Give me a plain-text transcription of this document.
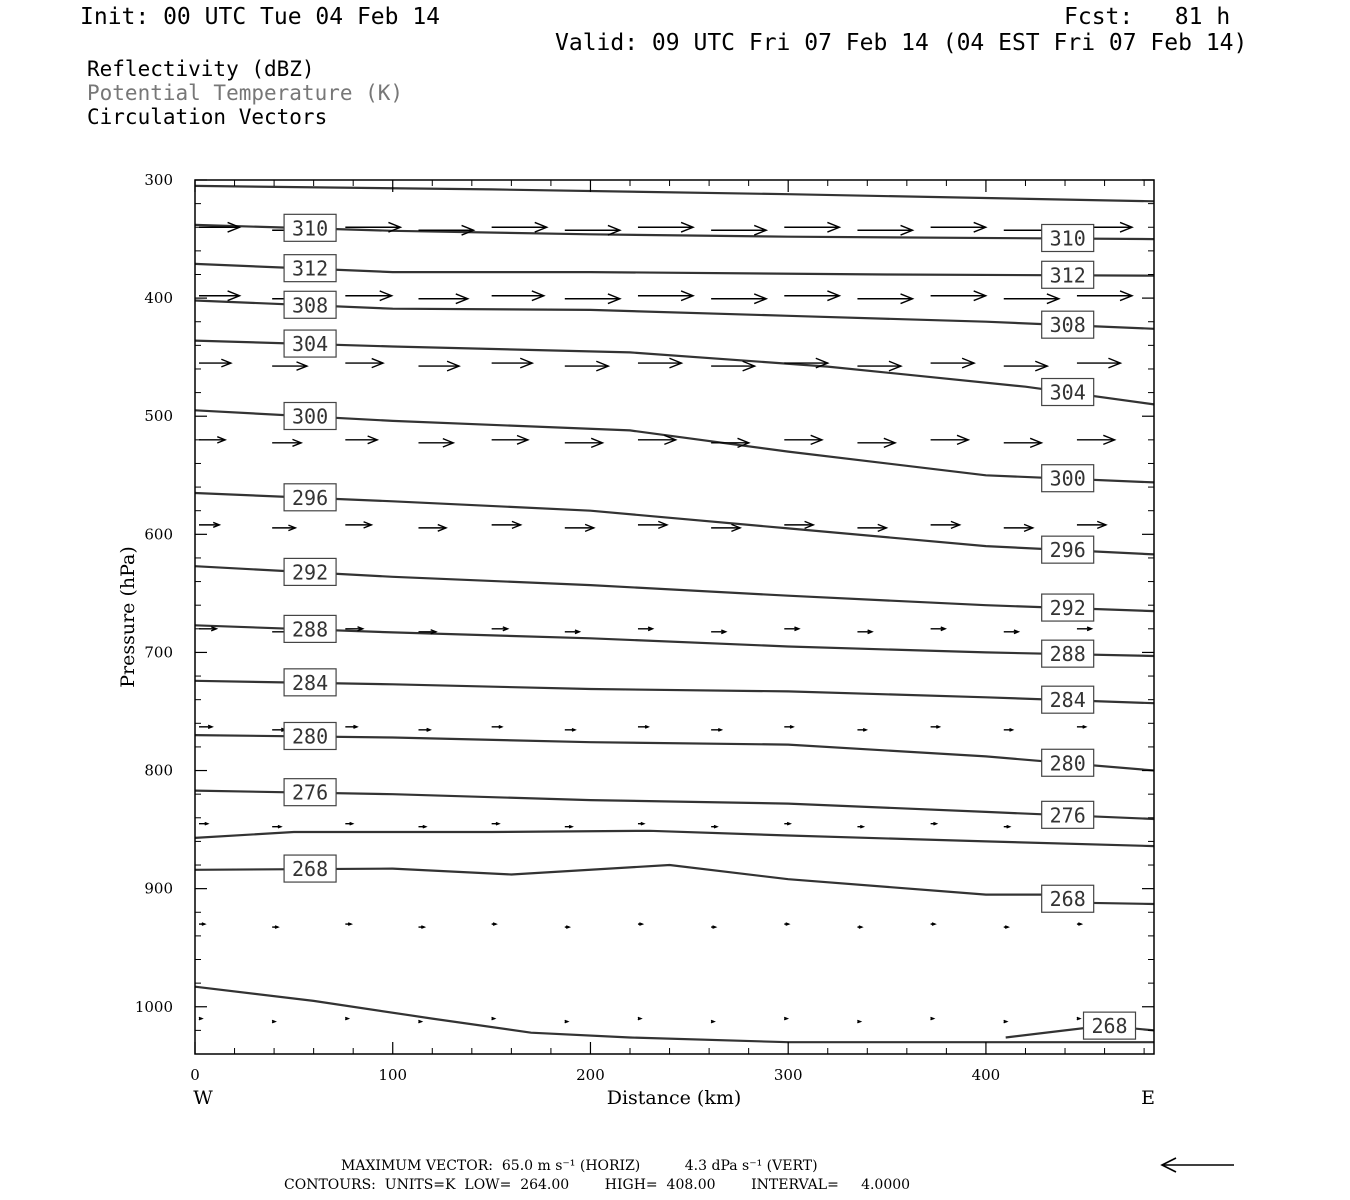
Init: 00 UTC Tue 04 Feb 14	Fcst:   81 h
Valid: 09 UTC Fri 07 Feb 14 (04 EST Fri 07 Feb 14)
Reflectivity (dBZ)
Potential Temperature (K)
Circulation Vectors
310	310
312	312
308
308
304
304
300
300
296
296
292
292
288
288
284
284
280
280
276
276
268
268
268
0	100	200	300	400
300
400
500
600
700
800
900
1000
Distance (km)
Pressure (hPa)
W	E
MAXIMUM VECTOR:  65.0 m s⁻¹ (HORIZ)          4.3 dPa s⁻¹ (VERT)
CONTOURS:  UNITS=K  LOW=  264.00        HIGH=  408.00        INTERVAL=     4.0000
